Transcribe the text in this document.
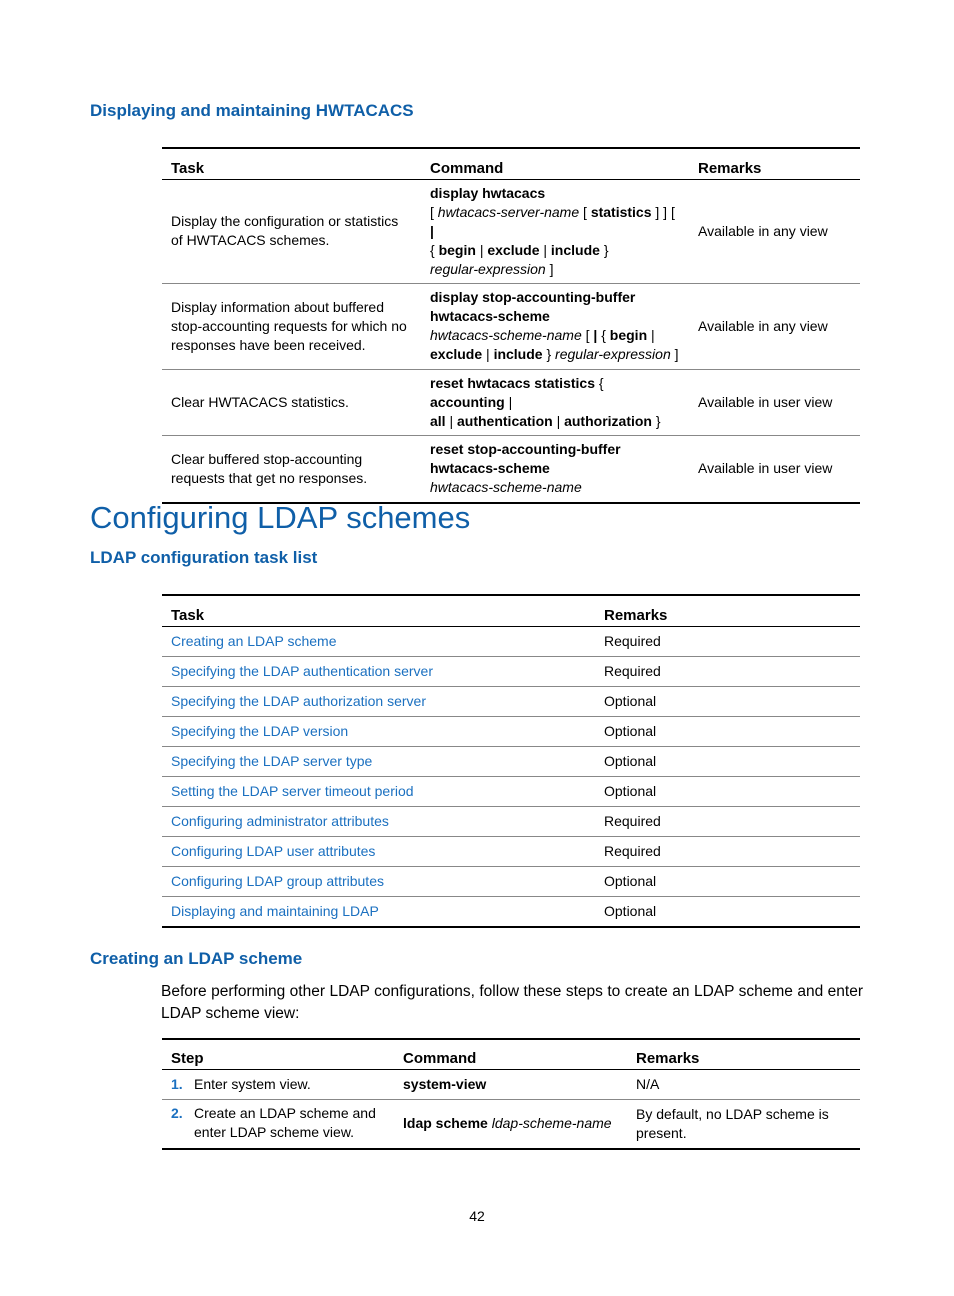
Displaying and maintaining HWTACACS
Task	Command	Remarks
Display the configuration or statistics of HWTACACS schemes.	display hwtacacs
[ hwtacacs-server-name [ statistics ] ] [ |
{ begin | exclude | include }
regular-expression ]	Available in any view
Display information about buffered stop-accounting requests for which no responses have been received.	display stop-accounting-buffer hwtacacs-scheme
hwtacacs-scheme-name [ | { begin |
exclude | include } regular-expression ]	Available in any view
Clear HWTACACS statistics.	reset hwtacacs statistics { accounting |
all | authentication | authorization }	Available in user view
Clear buffered stop-accounting requests that get no responses.	reset stop-accounting-buffer hwtacacs-scheme
hwtacacs-scheme-name	Available in user view
Configuring LDAP schemes
LDAP configuration task list
Task	Remarks
Creating an LDAP scheme	Required
Specifying the LDAP authentication server	Required
Specifying the LDAP authorization server	Optional
Specifying the LDAP version	Optional
Specifying the LDAP server type	Optional
Setting the LDAP server timeout period	Optional
Configuring administrator attributes	Required
Configuring LDAP user attributes	Required
Configuring LDAP group attributes	Optional
Displaying and maintaining LDAP	Optional
Creating an LDAP scheme
Before performing other LDAP configurations, follow these steps to create an LDAP scheme and enter LDAP scheme view:
Step		Command	Remarks
1.	Enter system view.	system-view	N/A
2.	Create an LDAP scheme and enter LDAP scheme view.	ldap scheme ldap-scheme-name	By default, no LDAP scheme is present.
42
